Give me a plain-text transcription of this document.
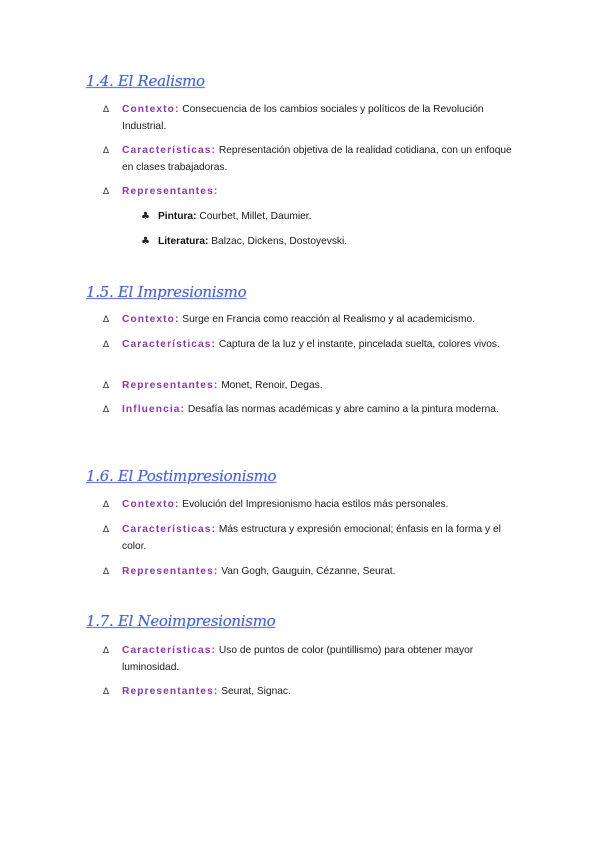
1.4. El Realismo
∆	Contexto: Consecuencia de los cambios sociales y políticos de la Revolución Industrial.
∆	Características: Representación objetiva de la realidad cotidiana, con un enfoque en clases trabajadoras.
∆	Representantes:
♣ Pintura: Courbet, Millet, Daumier.
♣ Literatura: Balzac, Dickens, Dostoyevski.
1.5. El Impresionismo
∆	Contexto: Surge en Francia como reacción al Realismo y al academicismo.
∆	Características: Captura de la luz y el instante, pincelada suelta, colores vivos.
∆	Representantes: Monet, Renoir, Degas.
∆	Influencia: Desafía las normas académicas y abre camino a la pintura moderna.
1.6. El Postimpresionismo
∆	Contexto: Evolución del Impresionismo hacia estilos más personales.
∆	Características: Más estructura y expresión emocional; énfasis en la forma y el color.
∆	Representantes: Van Gogh, Gauguin, Cézanne, Seurat.
1.7. El Neoimpresionismo
∆	Características: Uso de puntos de color (puntillismo) para obtener mayor luminosidad.
∆	Representantes: Seurat, Signac.
